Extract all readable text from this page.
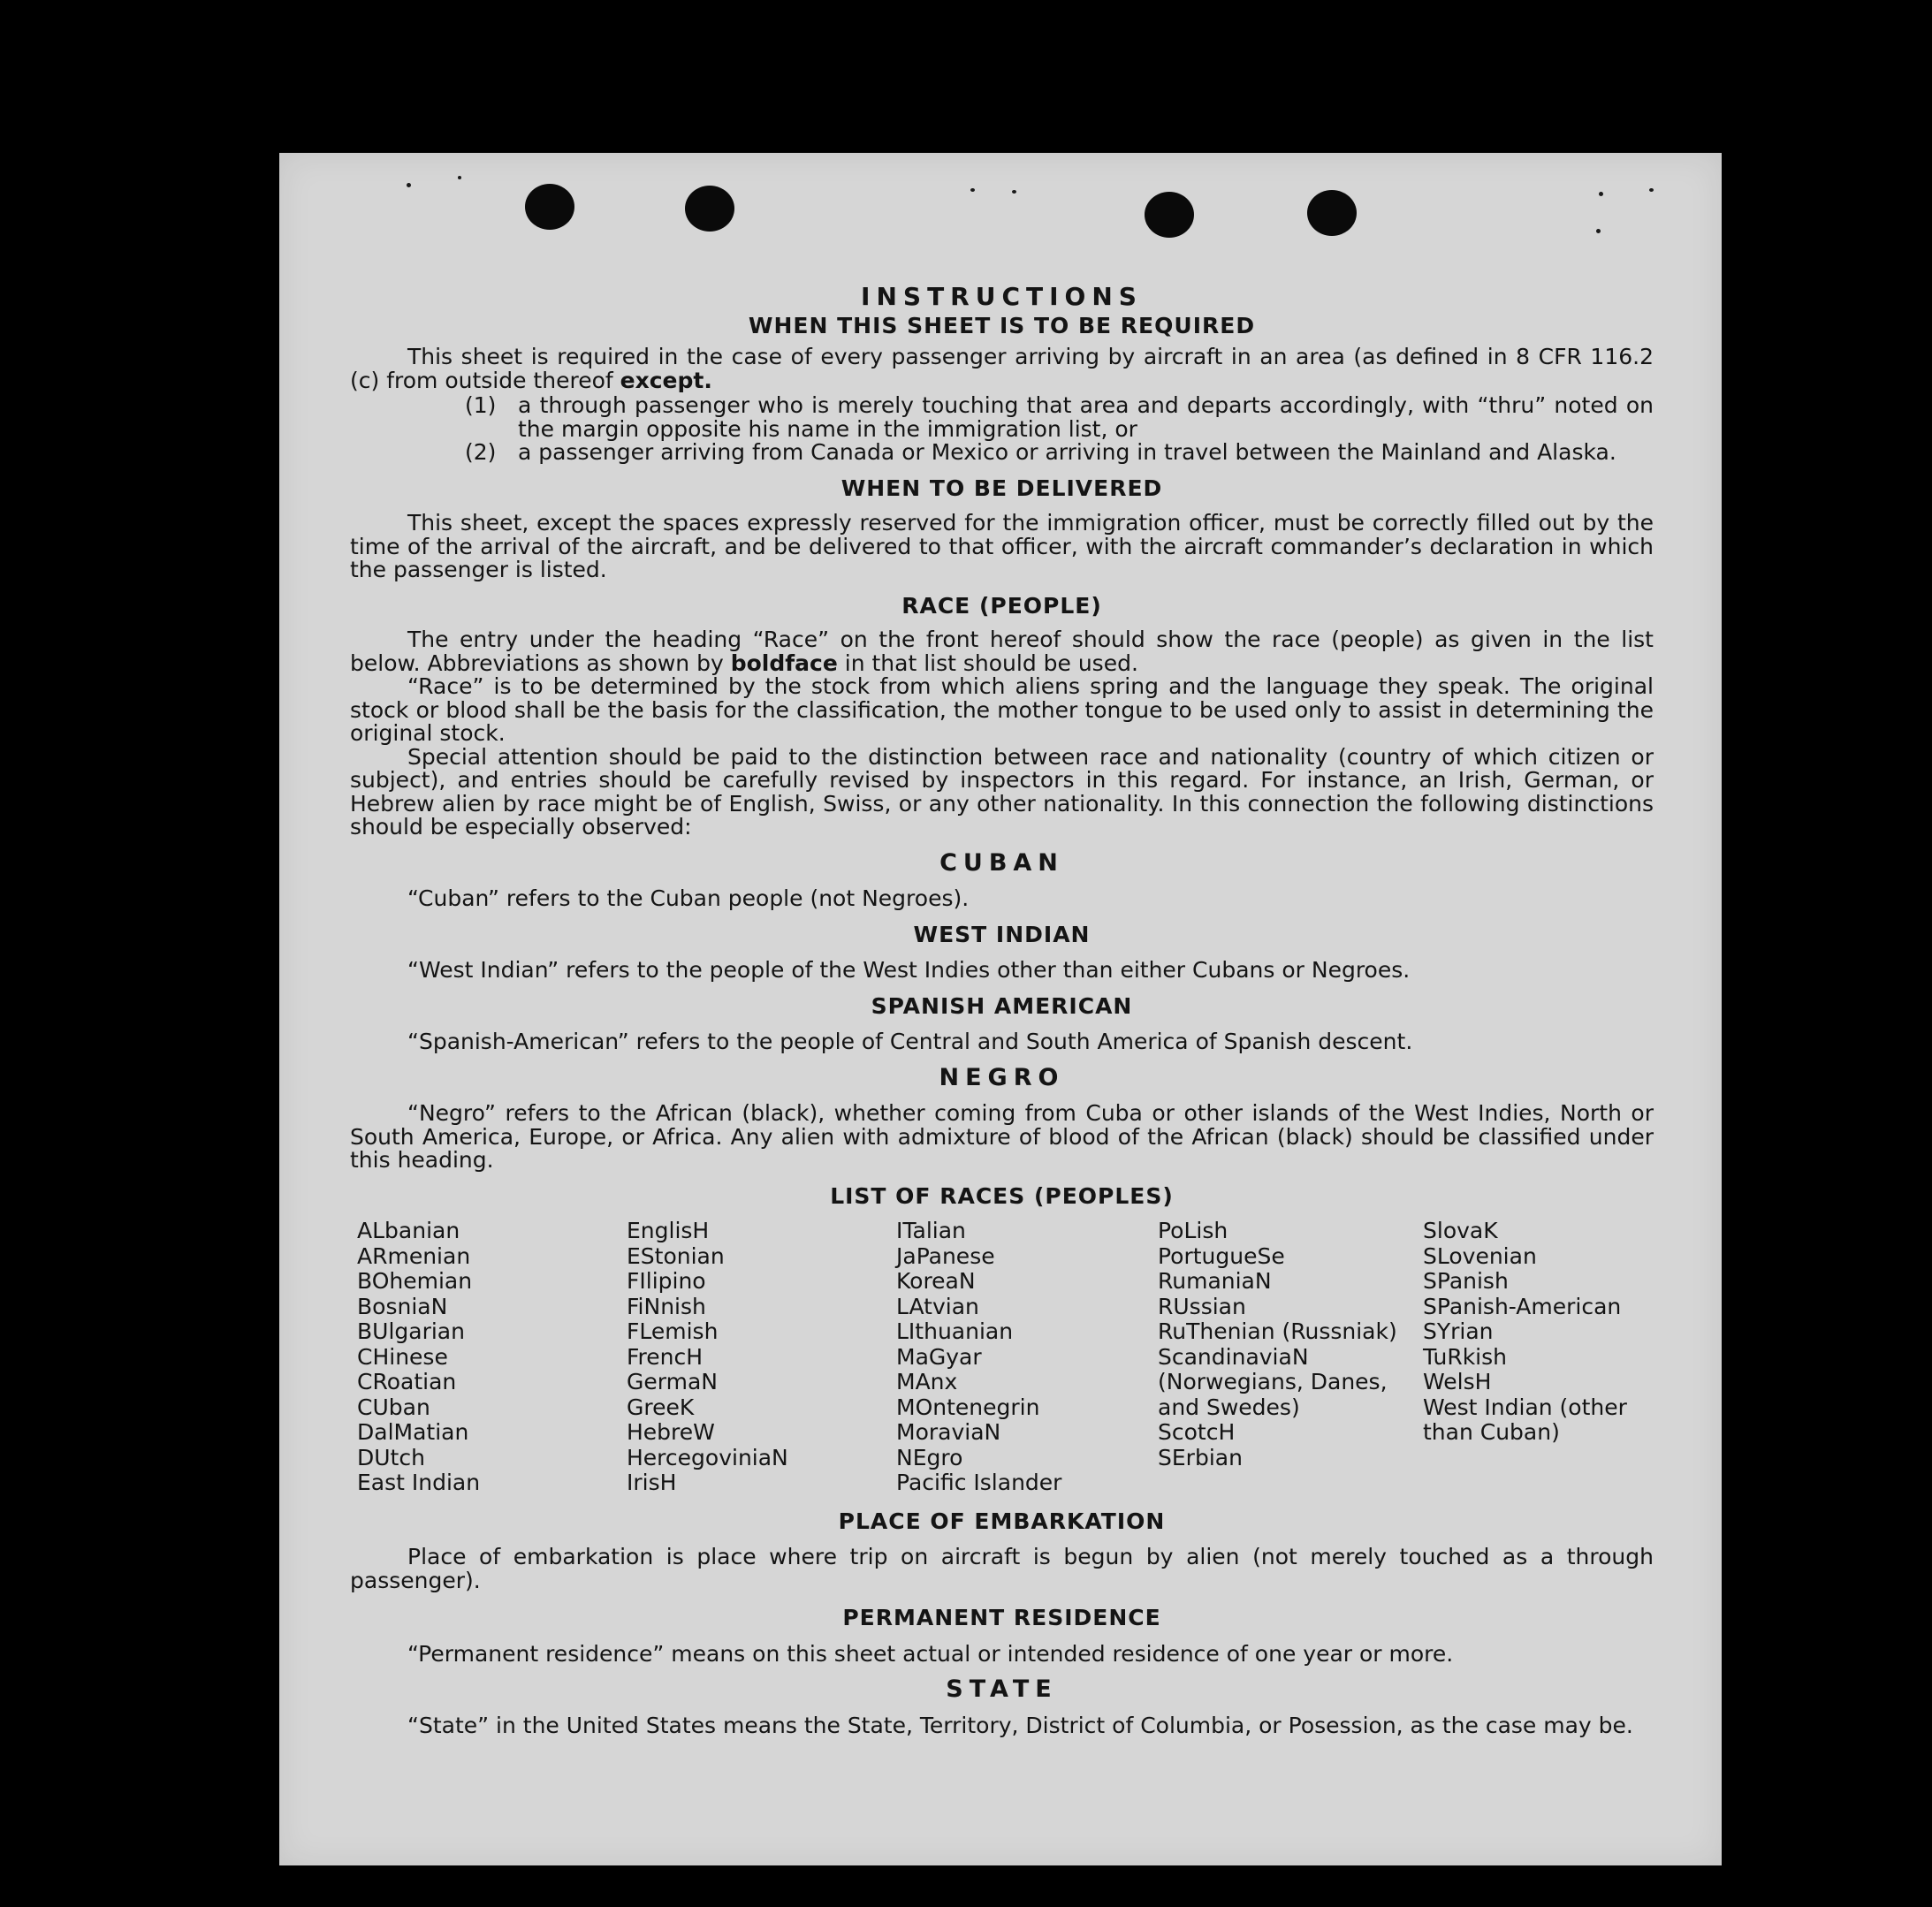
INSTRUCTIONS
WHEN THIS SHEET IS TO BE REQUIRED
This sheet is required in the case of every passenger arriving by aircraft in an area (as defined in 8 CFR 116.2 (c) from outside thereof except.
(1) a through passenger who is merely touching that area and departs accordingly, with “thru” noted on the margin opposite his name in the immigration list, or
(2) a passenger arriving from Canada or Mexico or arriving in travel between the Mainland and Alaska.
WHEN TO BE DELIVERED
This sheet, except the spaces expressly reserved for the immigration officer, must be correctly filled out by the time of the arrival of the aircraft, and be delivered to that officer, with the aircraft commander’s declaration in which the passenger is listed.
RACE (PEOPLE)
The entry under the heading “Race” on the front hereof should show the race (people) as given in the list below. Abbreviations as shown by boldface in that list should be used.
“Race” is to be determined by the stock from which aliens spring and the language they speak. The original stock or blood shall be the basis for the classification, the mother tongue to be used only to assist in determining the original stock.
Special attention should be paid to the distinction between race and nationality (country of which citizen or subject), and entries should be carefully revised by inspectors in this regard. For instance, an Irish, German, or Hebrew alien by race might be of English, Swiss, or any other nationality. In this connection the following distinctions should be especially observed:
CUBAN
“Cuban” refers to the Cuban people (not Negroes).
WEST INDIAN
“West Indian” refers to the people of the West Indies other than either Cubans or Negroes.
SPANISH AMERICAN
“Spanish-American” refers to the people of Central and South America of Spanish descent.
NEGRO
“Negro” refers to the African (black), whether coming from Cuba or other islands of the West Indies, North or South America, Europe, or Africa. Any alien with admixture of blood of the African (black) should be classified under this heading.
LIST OF RACES (PEOPLES)
ALbanian
ARmenian
BOhemian
BosniaN
BUlgarian
CHinese
CRoatian
CUban
DalMatian
DUtch
East Indian
EnglisH
EStonian
FIlipino
FiNnish
FLemish
FrencH
GermaN
GreeK
HebreW
HercegoviniaN
IrisH
ITalian
JaPanese
KoreaN
LAtvian
LIthuanian
MaGyar
MAnx
MOntenegrin
MoraviaN
NEgro
Pacific Islander
PoLish
PortugueSe
RumaniaN
RUssian
RuThenian (Russniak)
ScandinaviaN (Norwegians, Danes, and Swedes)
ScotcH
SErbian
SlovaK
SLovenian
SPanish
SPanish-American
SYrian
TuRkish
WelsH
West Indian (other than Cuban)
PLACE OF EMBARKATION
Place of embarkation is place where trip on aircraft is begun by alien (not merely touched as a through passenger).
PERMANENT RESIDENCE
“Permanent residence” means on this sheet actual or intended residence of one year or more.
STATE
“State” in the United States means the State, Territory, District of Columbia, or Posession, as the case may be.
